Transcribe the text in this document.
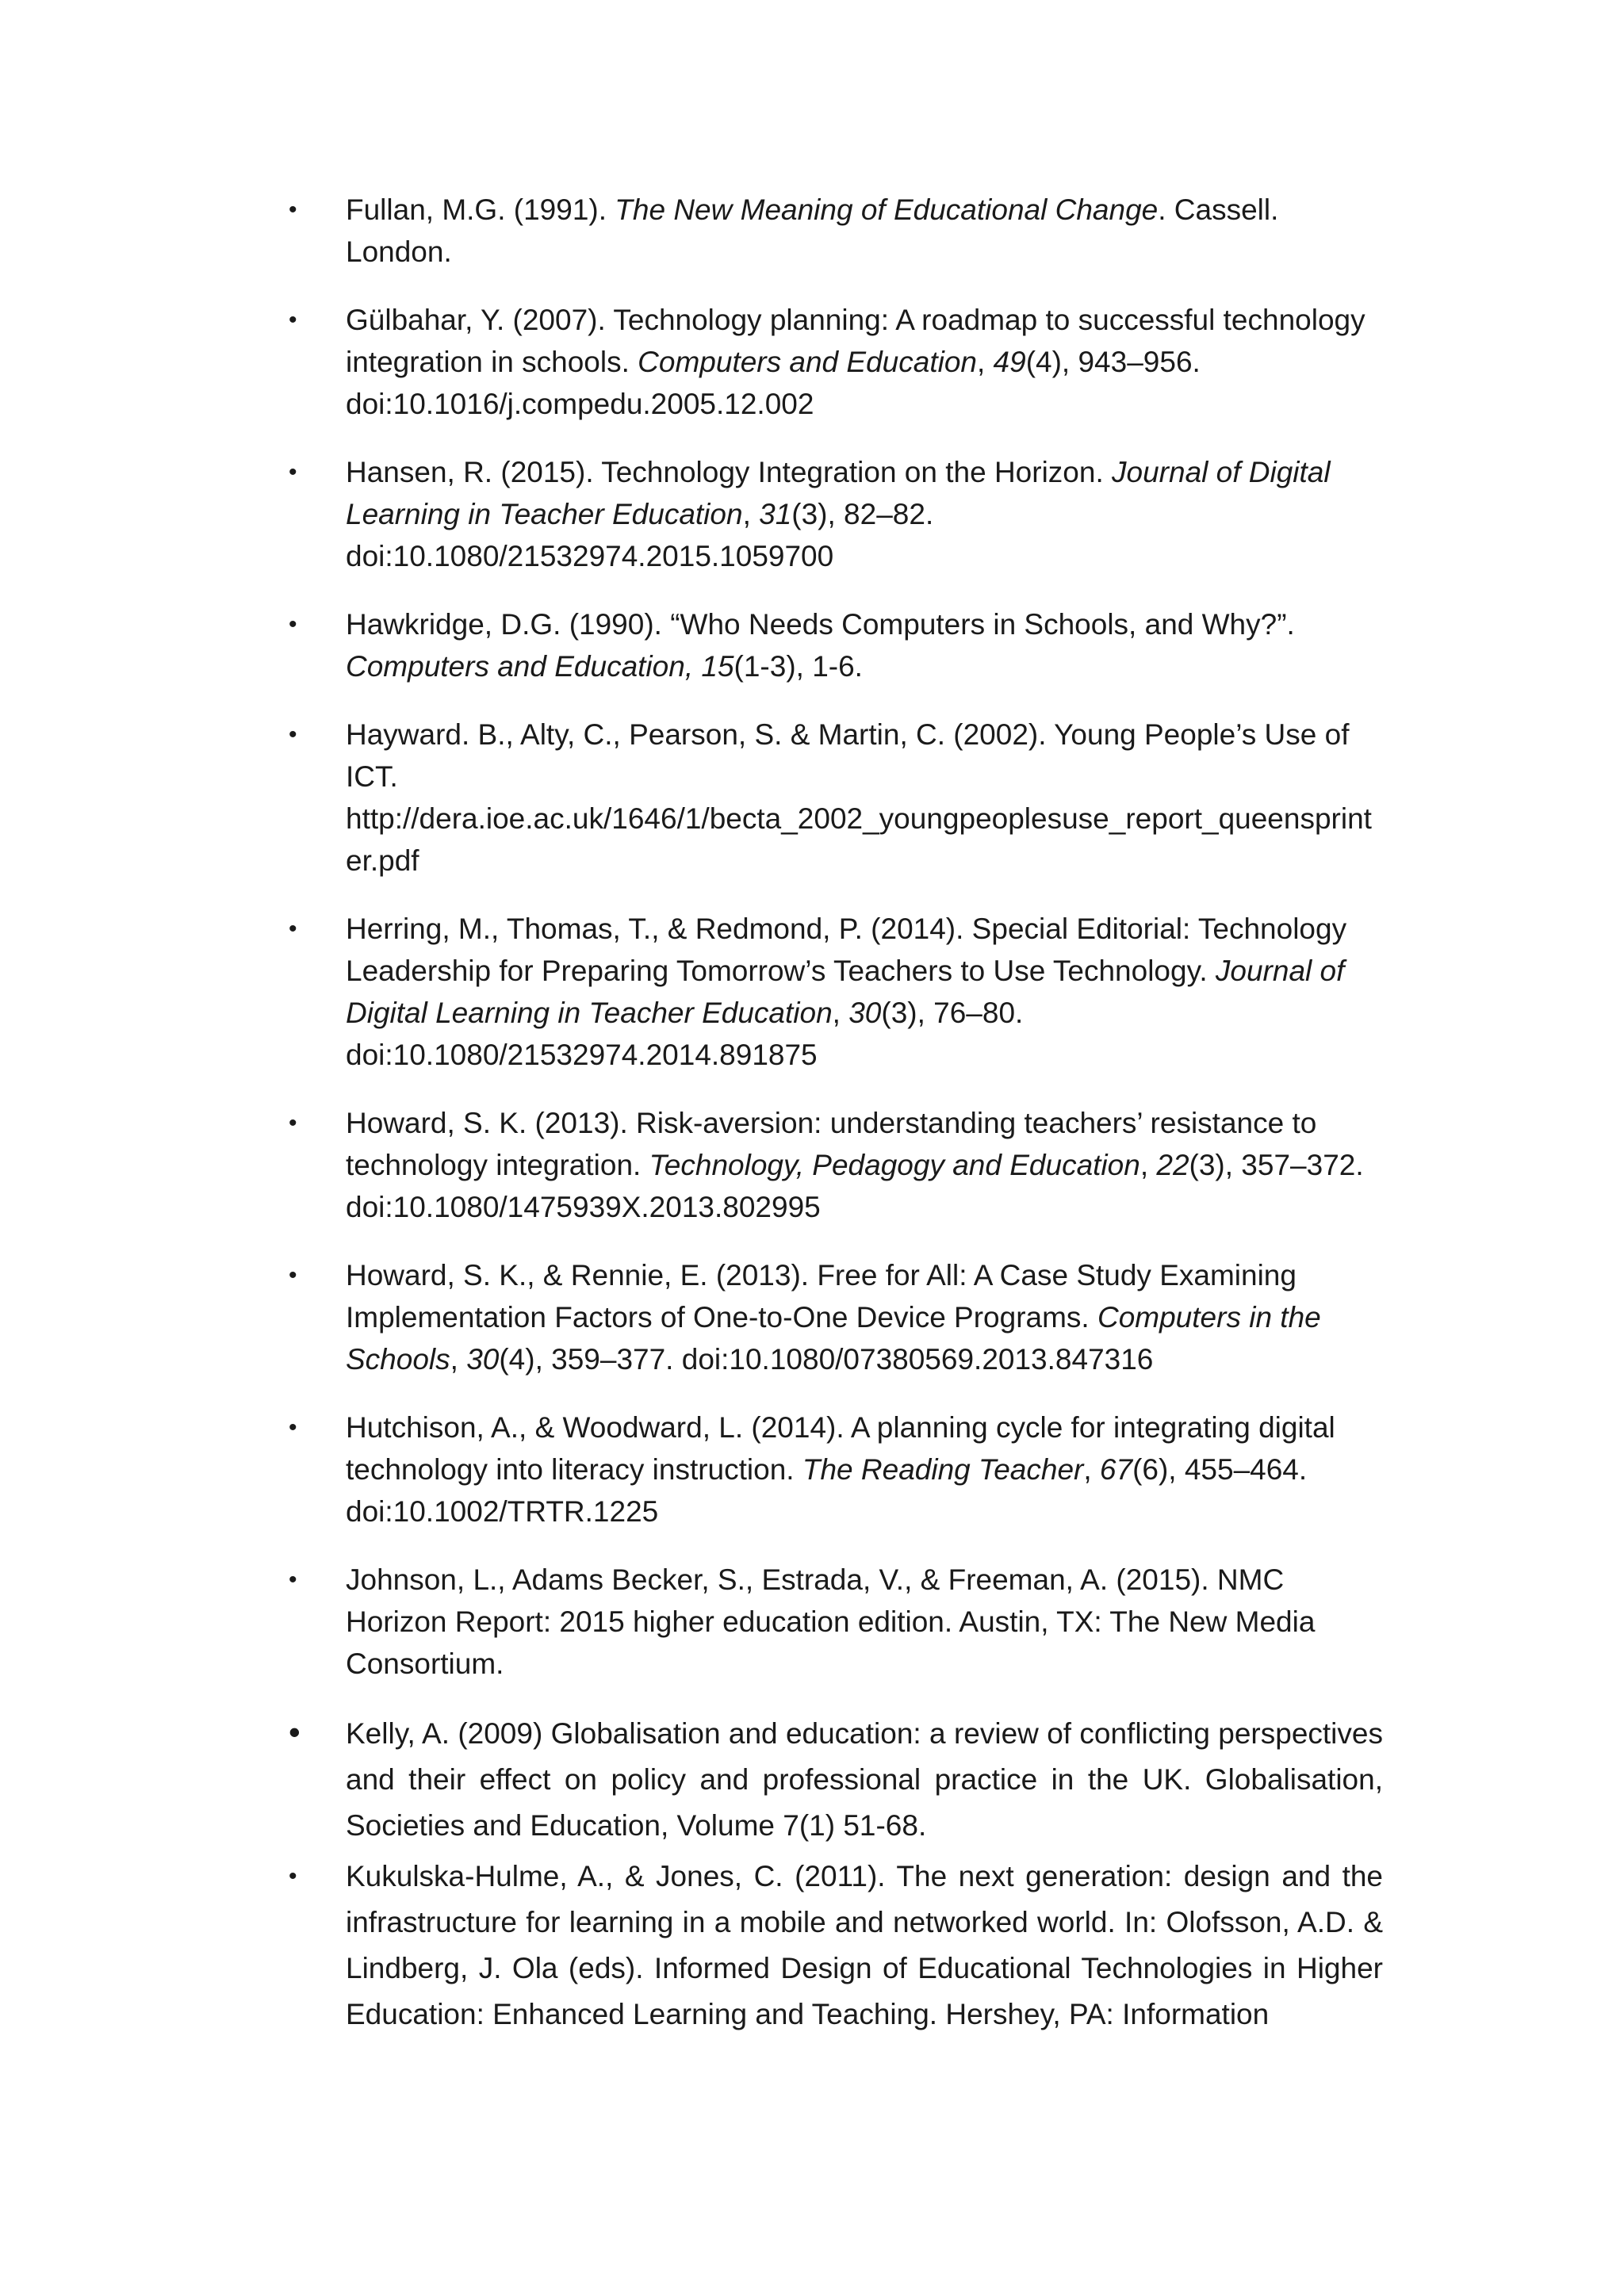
•	Fullan, M.G. (1991). The New Meaning of Educational Change. Cassell. London.
•	Gülbahar, Y. (2007). Technology planning: A roadmap to successful technology integration in schools. Computers and Education, 49(4), 943–956. doi:10.1016/j.compedu.2005.12.002
•	Hansen, R. (2015). Technology Integration on the Horizon. Journal of Digital Learning in Teacher Education, 31(3), 82–82. doi:10.1080/21532974.2015.1059700
•	Hawkridge, D.G. (1990). “Who Needs Computers in Schools, and Why?”. Computers and Education, 15(1-3), 1-6.
•	Hayward. B., Alty, C., Pearson, S. & Martin, C. (2002). Young People’s Use of ICT. http://dera.ioe.ac.uk/1646/1/becta_2002_youngpeoplesuse_report_queensprinter.pdf
•	Herring, M., Thomas, T., & Redmond, P. (2014). Special Editorial: Technology Leadership for Preparing Tomorrow’s Teachers to Use Technology. Journal of Digital Learning in Teacher Education, 30(3), 76–80. doi:10.1080/21532974.2014.891875
•	Howard, S. K. (2013). Risk-aversion: understanding teachers’ resistance to technology integration. Technology, Pedagogy and Education, 22(3), 357–372. doi:10.1080/1475939X.2013.802995
•	Howard, S. K., & Rennie, E. (2013). Free for All: A Case Study Examining Implementation Factors of One-to-One Device Programs. Computers in the Schools, 30(4), 359–377. doi:10.1080/07380569.2013.847316
•	Hutchison, A., & Woodward, L. (2014). A planning cycle for integrating digital technology into literacy instruction. The Reading Teacher, 67(6), 455–464. doi:10.1002/TRTR.1225
•	Johnson, L., Adams Becker, S., Estrada, V., & Freeman, A. (2015). NMC Horizon Report: 2015 higher education edition. Austin, TX: The New Media Consortium.
•	Kelly, A. (2009) Globalisation and education: a review of conflicting perspectives and their effect on policy and professional practice in the UK. Globalisation, Societies and Education, Volume 7(1) 51-68.
•	Kukulska-Hulme, A., & Jones, C. (2011). The next generation: design and the infrastructure for learning in a mobile and networked world. In: Olofsson, A.D. & Lindberg, J. Ola (eds). Informed Design of Educational Technologies in Higher Education: Enhanced Learning and Teaching. Hershey, PA: Information
